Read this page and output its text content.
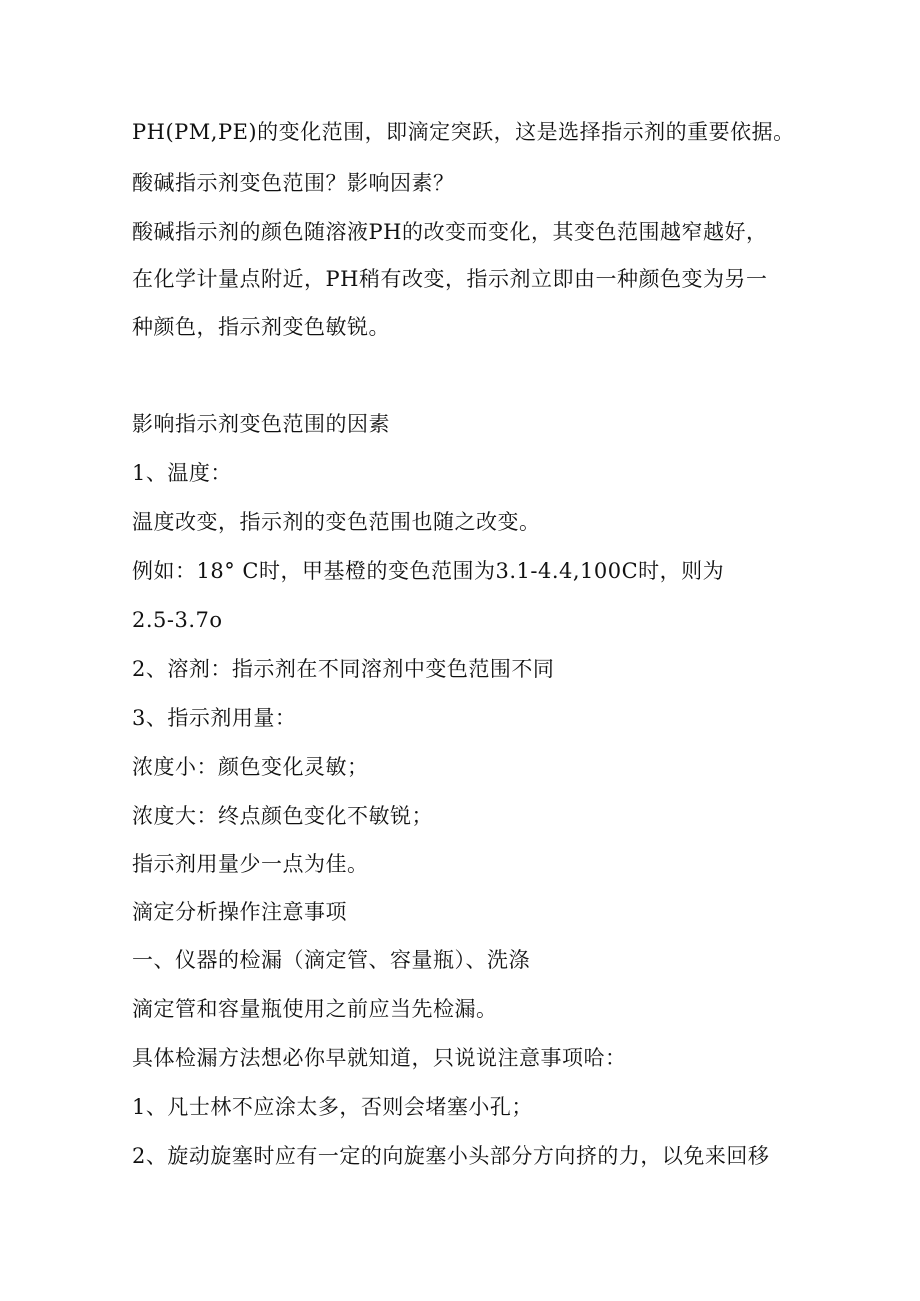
PH(PM,PE)的变化范围，即滴定突跃，这是选择指示剂的重要依据。

酸碱指示剂变色范围？影响因素？

酸碱指示剂的颜色随溶液PH的改变而变化，其变色范围越窄越好，

在化学计量点附近，PH稍有改变，指示剂立即由一种颜色变为另一

种颜色，指示剂变色敏锐。

影响指示剂变色范围的因素

1、温度：

温度改变，指示剂的变色范围也随之改变。

例如：18° C时，甲基橙的变色范围为3.1-4.4,100C时，则为

2.5-3.7o

2、溶剂：指示剂在不同溶剂中变色范围不同

3、指示剂用量：

浓度小：颜色变化灵敏；

浓度大：终点颜色变化不敏锐；

指示剂用量少一点为佳。

滴定分析操作注意事项

一、仪器的检漏（滴定管、容量瓶）、洗涤

滴定管和容量瓶使用之前应当先检漏。

具体检漏方法想必你早就知道，只说说注意事项哈：

1、凡士林不应涂太多，否则会堵塞小孔；

2、旋动旋塞时应有一定的向旋塞小头部分方向挤的力，以免来回移
